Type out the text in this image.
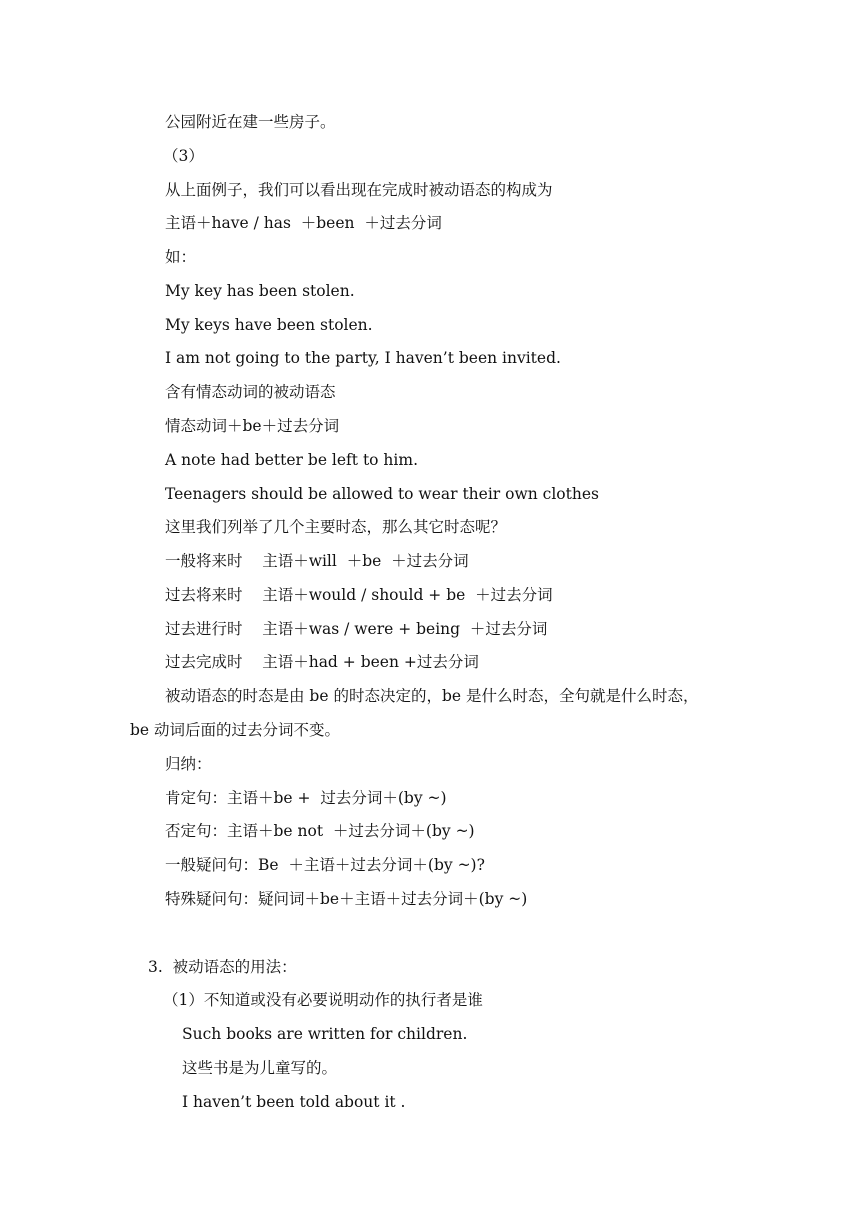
公园附近在建一些房子。
（3）
从上面例子，我们可以看出现在完成时被动语态的构成为
主语＋have / has  ＋been  ＋过去分词
如：
My key has been stolen.
My keys have been stolen.
I am not going to the party, I haven’t been invited.
含有情态动词的被动语态
情态动词＋be＋过去分词
A note had better be left to him.
Teenagers should be allowed to wear their own clothes
这里我们列举了几个主要时态，那么其它时态呢？
一般将来时    主语＋will  ＋be  ＋过去分词
过去将来时    主语＋would / should + be  ＋过去分词
过去进行时    主语＋was / were + being  ＋过去分词
过去完成时    主语＋had + been +过去分词
被动语态的时态是由 be 的时态决定的，be 是什么时态，全句就是什么时态，
be 动词后面的过去分词不变。
归纳：
肯定句：主语＋be +  过去分词＋(by ~)
否定句：主语＋be not  ＋过去分词＋(by ~)
一般疑问句：Be  ＋主语＋过去分词＋(by ~)?
特殊疑问句：疑问词＋be＋主语＋过去分词＋(by ~)
3.  被动语态的用法：
（1）不知道或没有必要说明动作的执行者是谁
Such books are written for children.
这些书是为儿童写的。
I haven’t been told about it .
